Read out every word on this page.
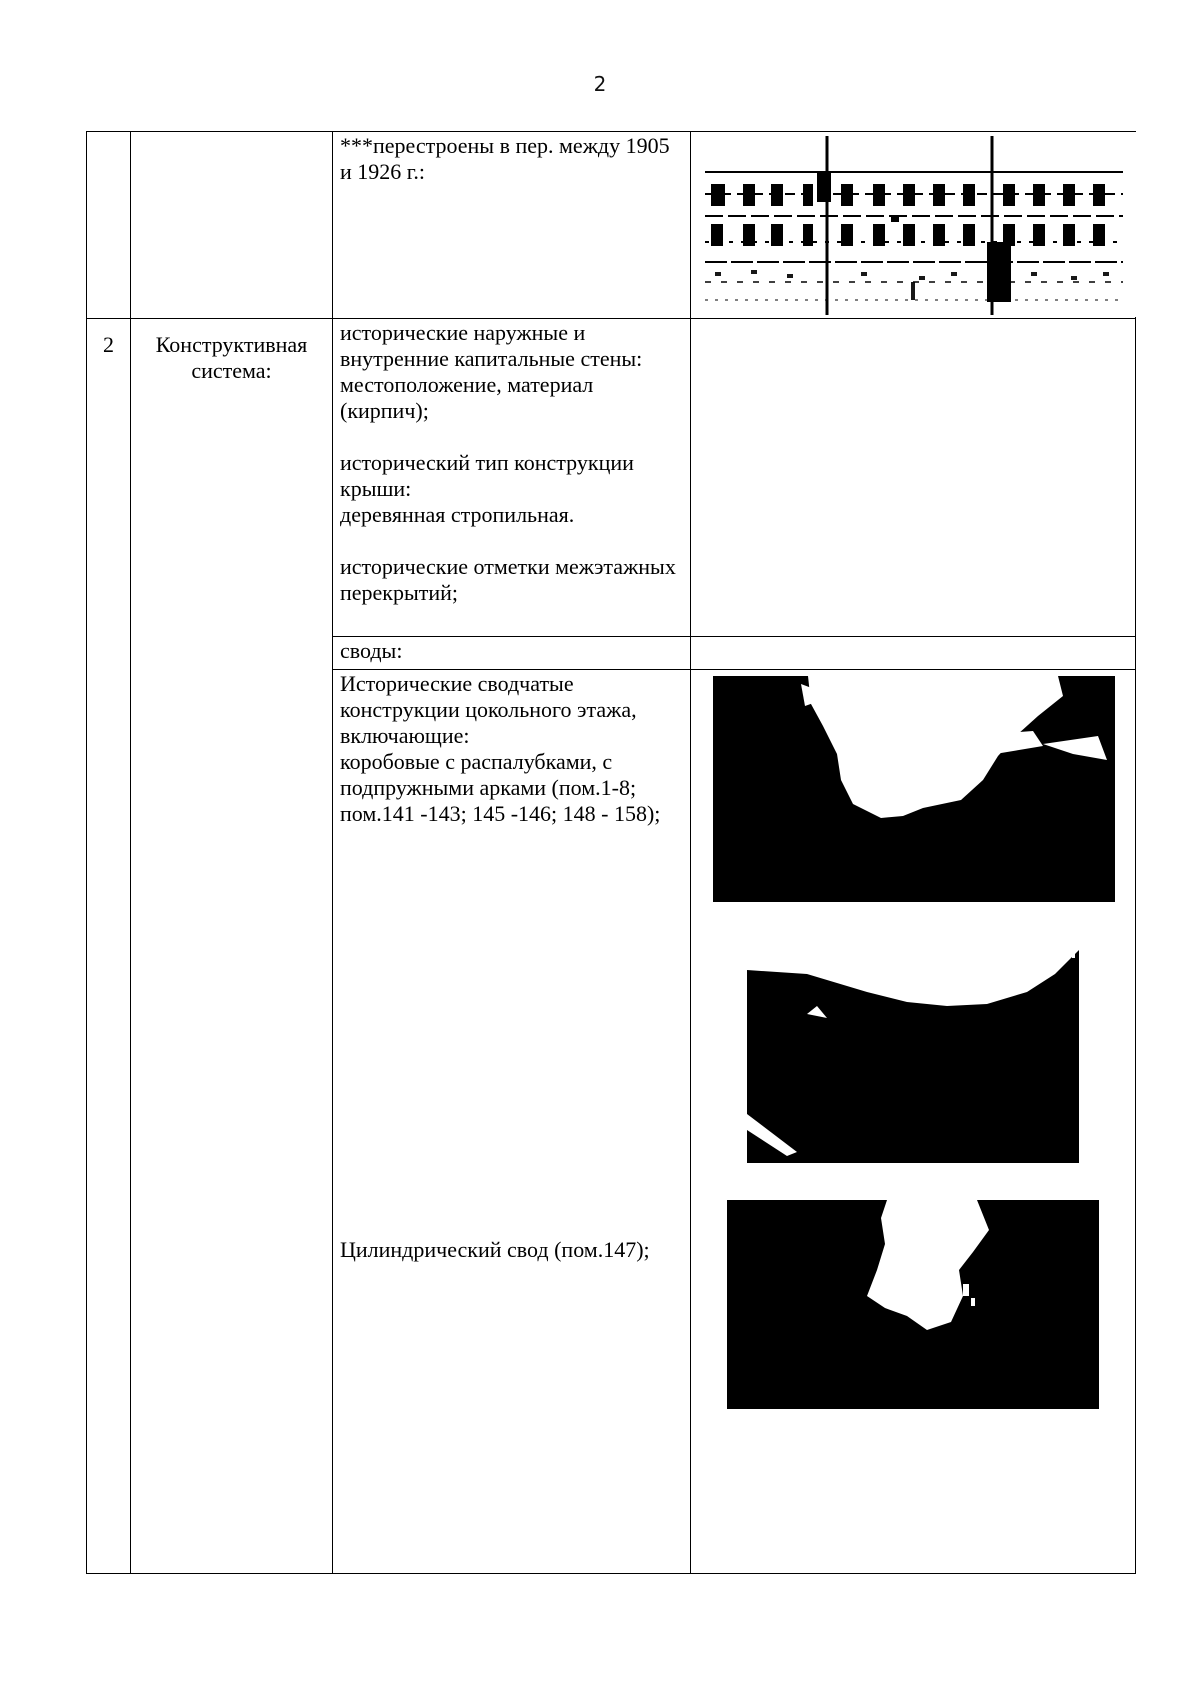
2

		***перестроены в пер. между 1905 и 1926 г.:

2	Конструктивная система:	исторические наружные и внутренние капитальные стены: местоположение, материал (кирпич);
исторический тип конструкции крыши:
деревянная стропильная.
исторические отметки межэтажных перекрытий;	

		своды:	

		Исторические сводчатые конструкции цокольного этажа, включающие:
коробовые с распалубками, с подпружными арками (пом.1-8; пом.141 -143; 145 -146; 148 - 158);
Цилиндрический свод (пом.147);
